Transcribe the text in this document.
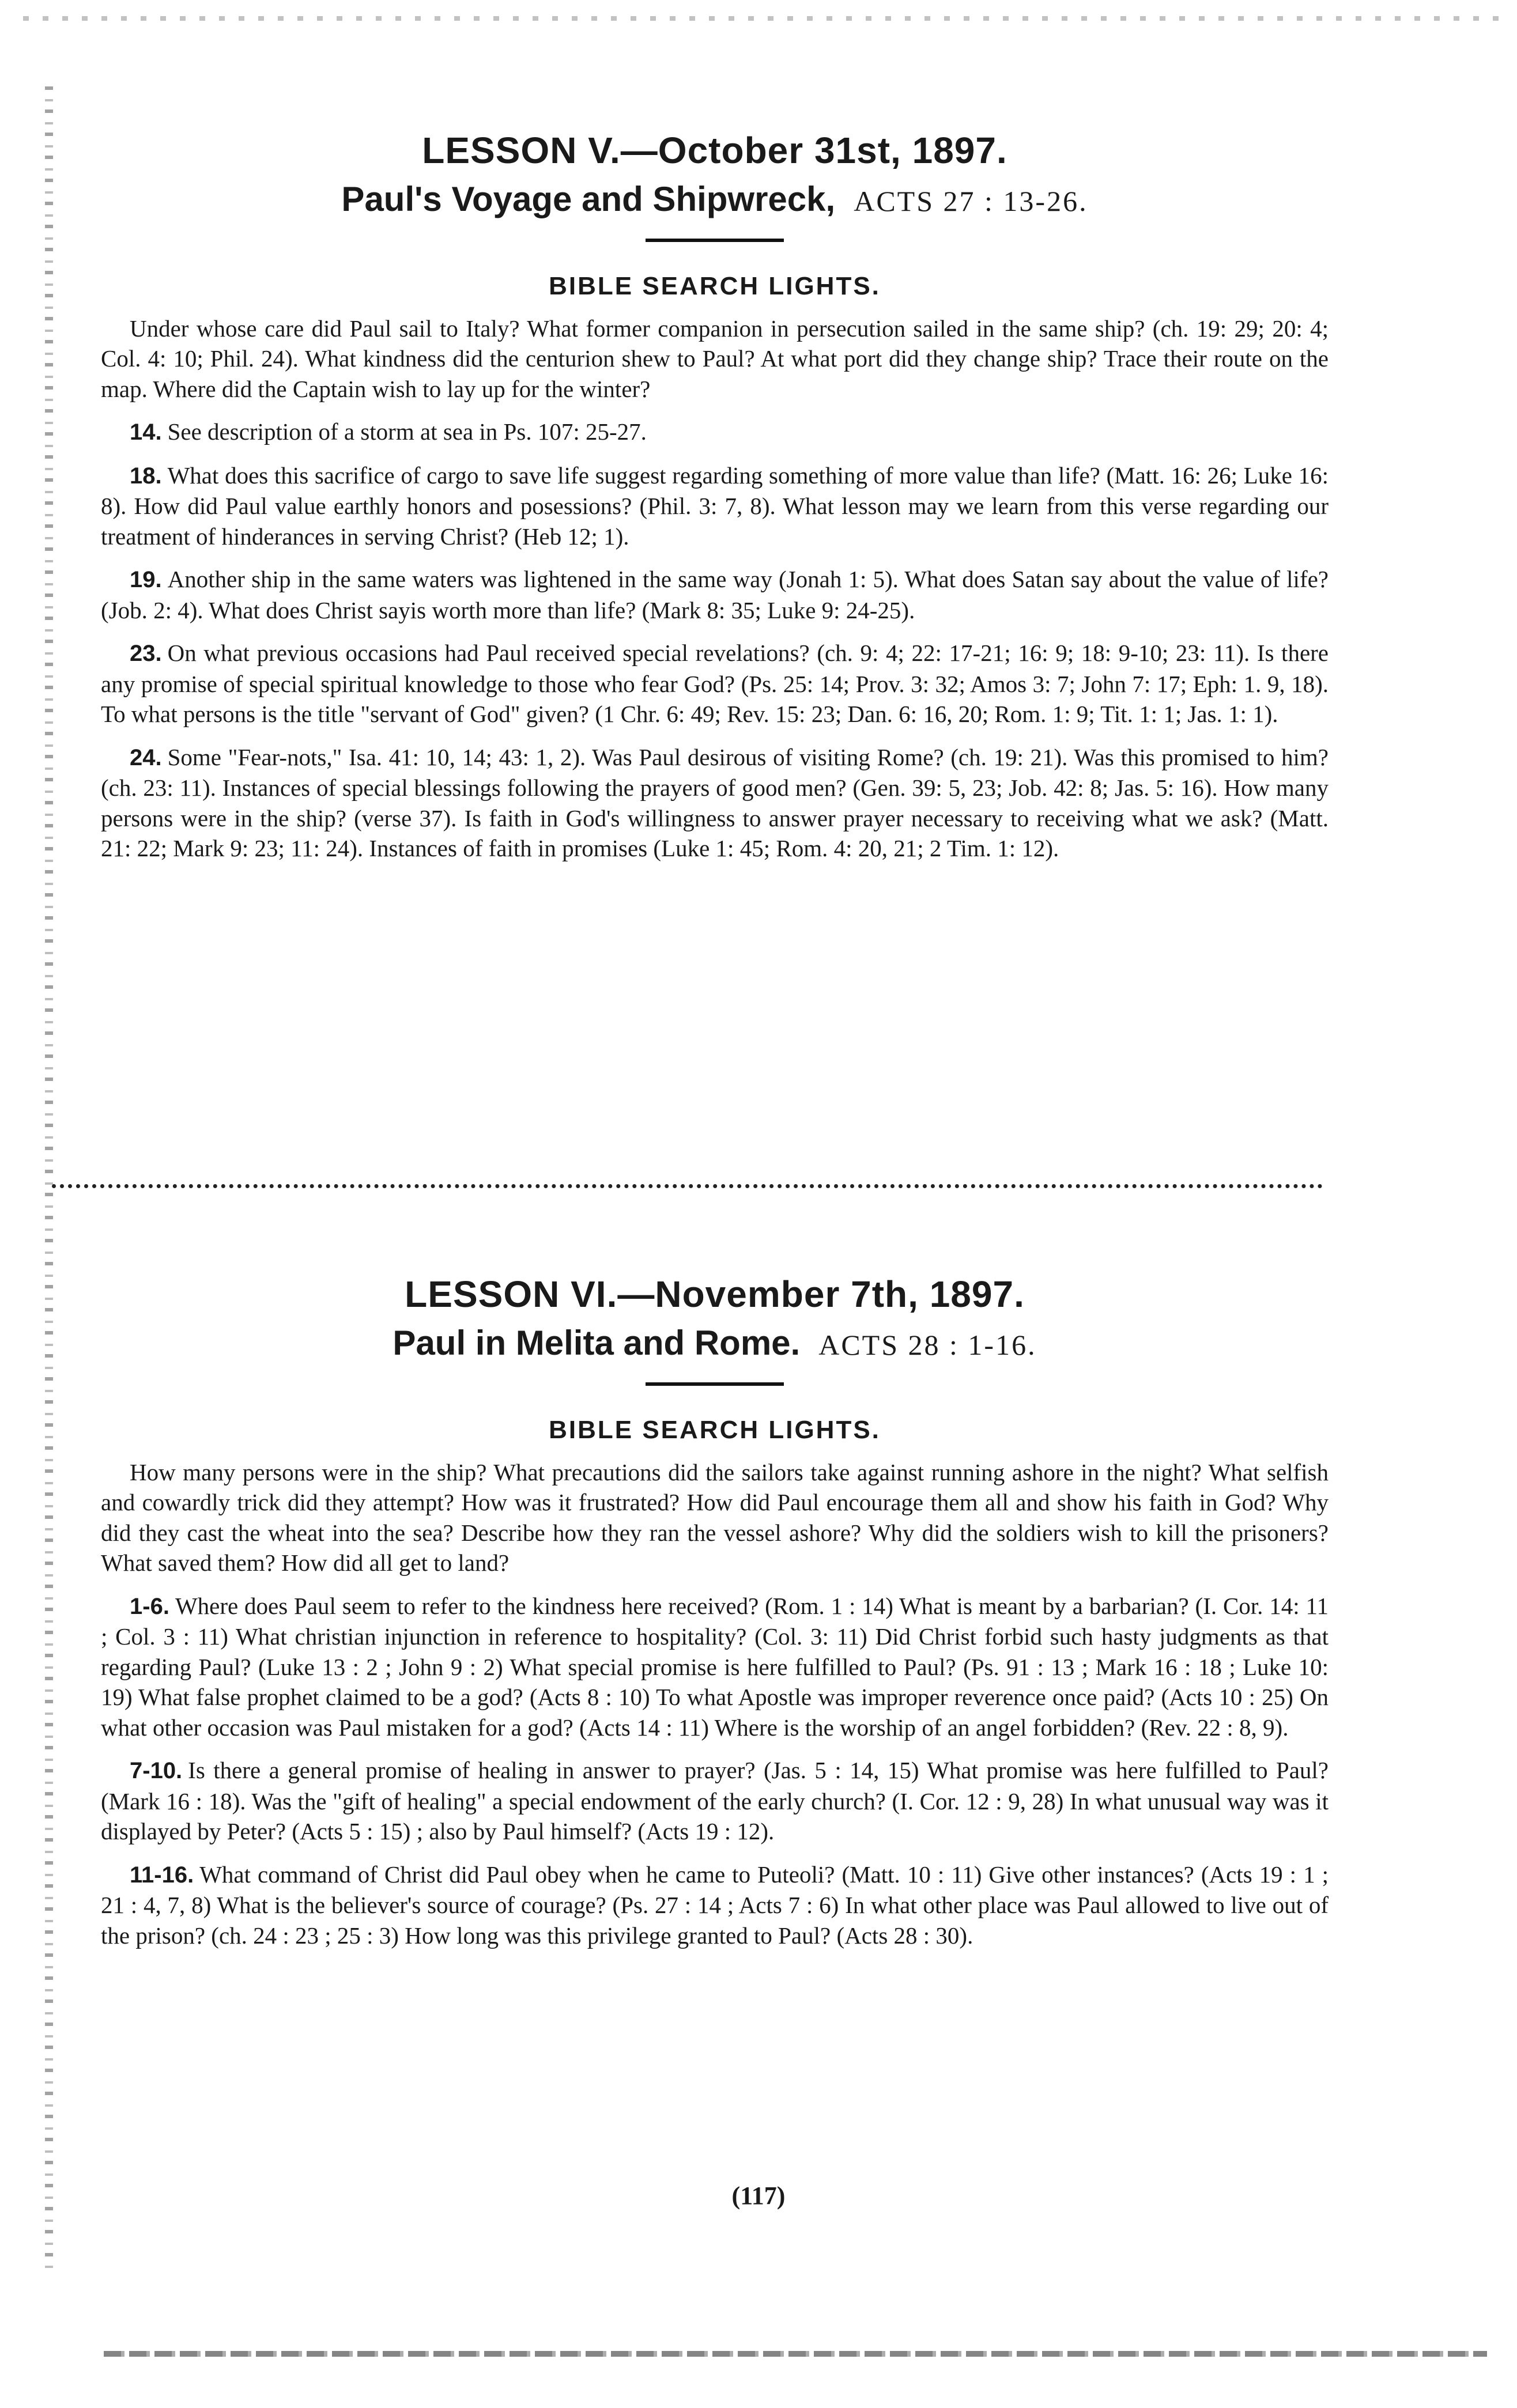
LESSON V.—October 31st, 1897.

Paul's Voyage and Shipwreck, ACTS 27 : 13-26.

BIBLE SEARCH LIGHTS.

Under whose care did Paul sail to Italy? What former companion in persecution sailed in the same ship? (ch. 19: 29; 20: 4; Col. 4: 10; Phil. 24). What kindness did the centurion shew to Paul? At what port did they change ship? Trace their route on the map. Where did the Captain wish to lay up for the winter?

14. See description of a storm at sea in Ps. 107: 25-27.

18. What does this sacrifice of cargo to save life suggest regarding something of more value than life? (Matt. 16: 26; Luke 16: 8). How did Paul value earthly honors and posessions? (Phil. 3: 7, 8). What lesson may we learn from this verse regarding our treatment of hinderances in serving Christ? (Heb 12; 1).

19. Another ship in the same waters was lightened in the same way (Jonah 1: 5). What does Satan say about the value of life? (Job. 2: 4). What does Christ sayis worth more than life? (Mark 8: 35; Luke 9: 24-25).

23. On what previous occasions had Paul received special revelations? (ch. 9: 4; 22: 17-21; 16: 9; 18: 9-10; 23: 11). Is there any promise of special spiritual knowledge to those who fear God? (Ps. 25: 14; Prov. 3: 32; Amos 3: 7; John 7: 17; Eph: 1. 9, 18). To what persons is the title "servant of God" given? (1 Chr. 6: 49; Rev. 15: 23; Dan. 6: 16, 20; Rom. 1: 9; Tit. 1: 1; Jas. 1: 1).

24. Some "Fear-nots," Isa. 41: 10, 14; 43: 1, 2). Was Paul desirous of visiting Rome? (ch. 19: 21). Was this promised to him? (ch. 23: 11). Instances of special blessings following the prayers of good men? (Gen. 39: 5, 23; Job. 42: 8; Jas. 5: 16). How many persons were in the ship? (verse 37). Is faith in God's willingness to answer prayer necessary to receiving what we ask? (Matt. 21: 22; Mark 9: 23; 11: 24). Instances of faith in promises (Luke 1: 45; Rom. 4: 20, 21; 2 Tim. 1: 12).

LESSON VI.—November 7th, 1897.

Paul in Melita and Rome. ACTS 28 : 1-16.

BIBLE SEARCH LIGHTS.

How many persons were in the ship? What precautions did the sailors take against running ashore in the night? What selfish and cowardly trick did they attempt? How was it frustrated? How did Paul encourage them all and show his faith in God? Why did they cast the wheat into the sea? Describe how they ran the vessel ashore? Why did the soldiers wish to kill the prisoners? What saved them? How did all get to land?

1-6. Where does Paul seem to refer to the kindness here received? (Rom. 1 : 14) What is meant by a barbarian? (I. Cor. 14: 11 ; Col. 3 : 11) What christian injunction in reference to hospitality? (Col. 3: 11) Did Christ forbid such hasty judgments as that regarding Paul? (Luke 13 : 2 ; John 9 : 2) What special promise is here fulfilled to Paul? (Ps. 91 : 13 ; Mark 16 : 18 ; Luke 10: 19) What false prophet claimed to be a god? (Acts 8 : 10) To what Apostle was improper reverence once paid? (Acts 10 : 25) On what other occasion was Paul mistaken for a god? (Acts 14 : 11) Where is the worship of an angel forbidden? (Rev. 22 : 8, 9).

7-10. Is there a general promise of healing in answer to prayer? (Jas. 5 : 14, 15) What promise was here fulfilled to Paul? (Mark 16 : 18). Was the "gift of healing" a special endowment of the early church? (I. Cor. 12 : 9, 28) In what unusual way was it displayed by Peter? (Acts 5 : 15) ; also by Paul himself? (Acts 19 : 12).

11-16. What command of Christ did Paul obey when he came to Puteoli? (Matt. 10 : 11) Give other instances? (Acts 19 : 1 ; 21 : 4, 7, 8) What is the believer's source of courage? (Ps. 27 : 14 ; Acts 7 : 6) In what other place was Paul allowed to live out of the prison? (ch. 24 : 23 ; 25 : 3) How long was this privilege granted to Paul? (Acts 28 : 30).

(117)
